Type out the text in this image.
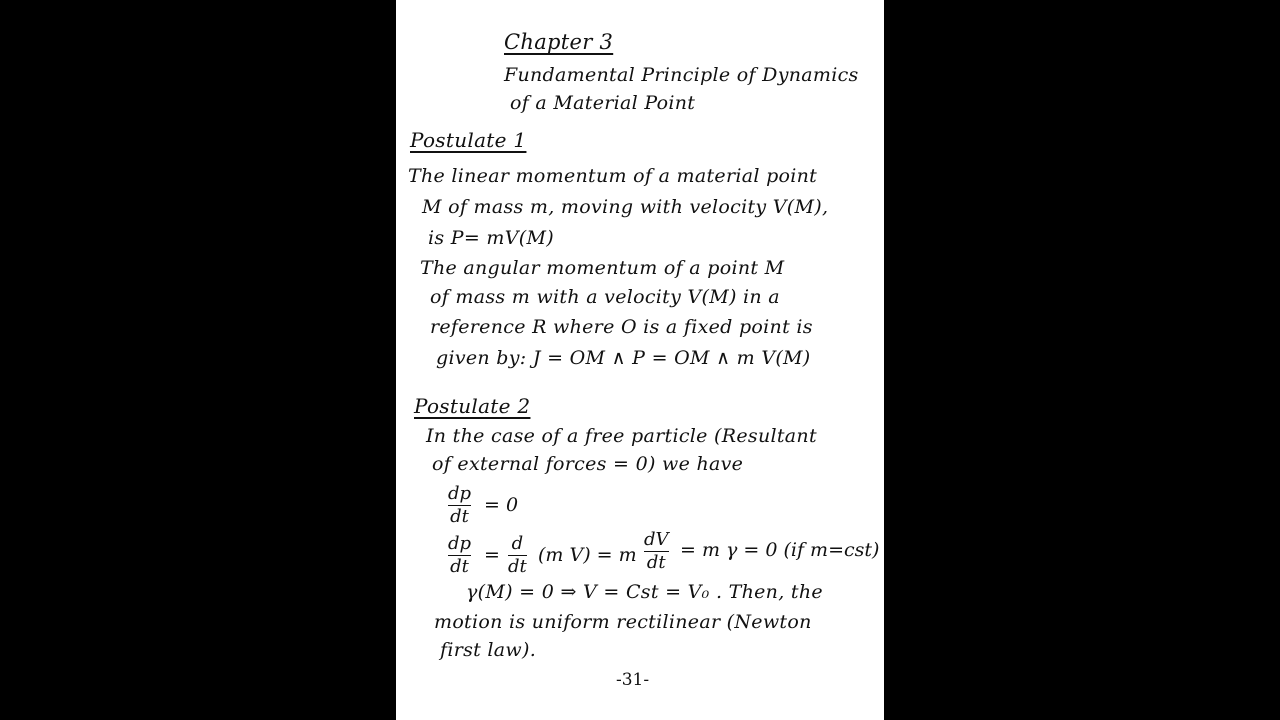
Chapter 3
Fundamental Principle of Dynamics
of a Material Point
Postulate 1
The linear momentum of a material point
M of mass m, moving with velocity V(M),
is P= mV(M)
The angular momentum of a point M
of mass m with a velocity V(M) in a
reference R where O is a fixed point is
given by: J = OM ∧ P = OM ∧ m V(M)
Postulate 2
In the case of a free particle (Resultant
of external forces = 0) we have
dp
dt
= 0
dp
dt
=
d
dt
(m V) = m
dV
dt
= m γ = 0 (if m=cst)
γ(M) = 0 ⇒ V = Cst = V₀ . Then, the
motion is uniform rectilinear (Newton
first law).
-31-
